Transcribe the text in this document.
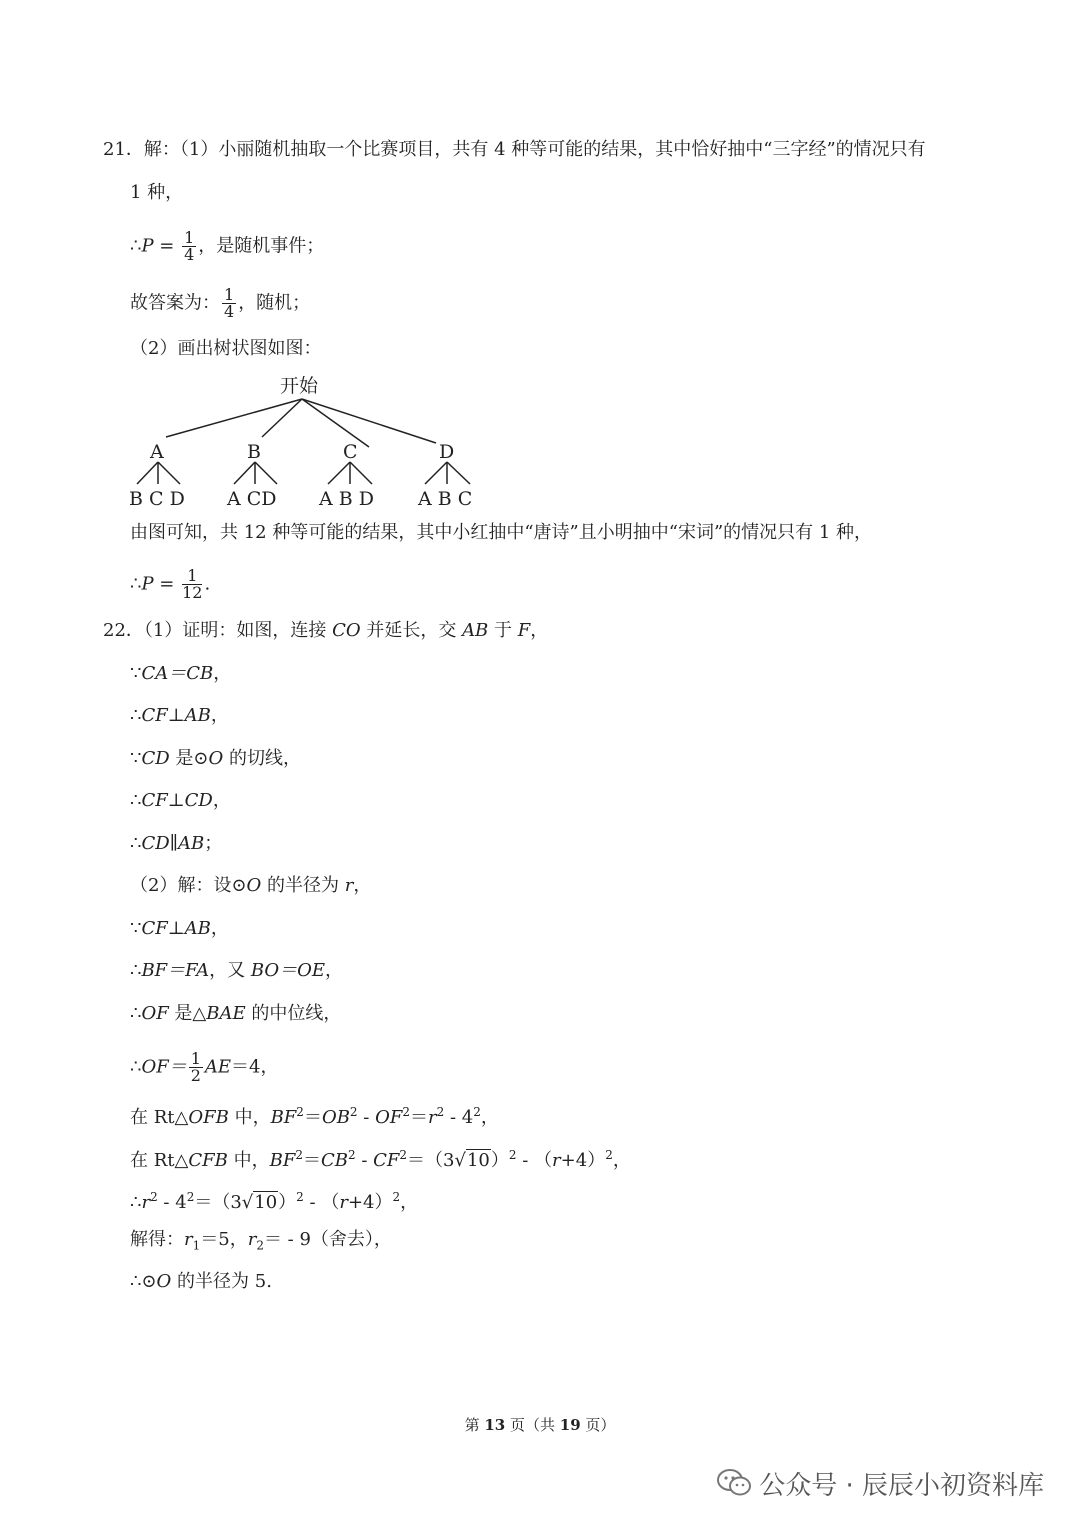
21．解：（1）小丽随机抽取一个比赛项目，共有 4 种等可能的结果，其中恰好抽中“三字经”的情况只有
1 种，
∴P = $\frac{1}{4}$ ，是随机事件；
故答案为： $\frac{1}{4}$ ，随机；
（2）画出树状图如图：
开始
A	B	C	D
B C D A CD A B D A B C
由图可知，共 12 种等可能的结果，其中小红抽中“唐诗”且小明抽中“宋词”的情况只有 1 种，
∴P = $\frac{1}{12}$ .
22．（1）证明：如图，连接 CO 并延长，交 AB 于 F，
∵CA＝CB，
∴CF⊥AB，
∵CD 是⊙O 的切线，
∴CF⊥CD，
∴CD∥AB；
（2）解：设⊙O 的半径为 r，
∵CF⊥AB，
∴BF＝FA，又 BO＝OE，
∴OF 是△BAE 的中位线，
∴OF＝ $\frac{1}{2} AE=4$，
在 Rt△OFB 中，$BF^2=OB^2 - OF^2=r^2 - 4^2$，
在 Rt△CFB 中，$BF^2=CB^2 - CF^2=(3√10)^2 - (r+4)^2$，
$\therefore r^2 - 4^2=(3√10)^2 - (r+4)^2$，
解得：$r_1=5$，$r_2= - 9$（舍去），
∴⊙O 的半径为 5.
第 13 页（共 19 页）
公众号 · 辰辰小初资料库
